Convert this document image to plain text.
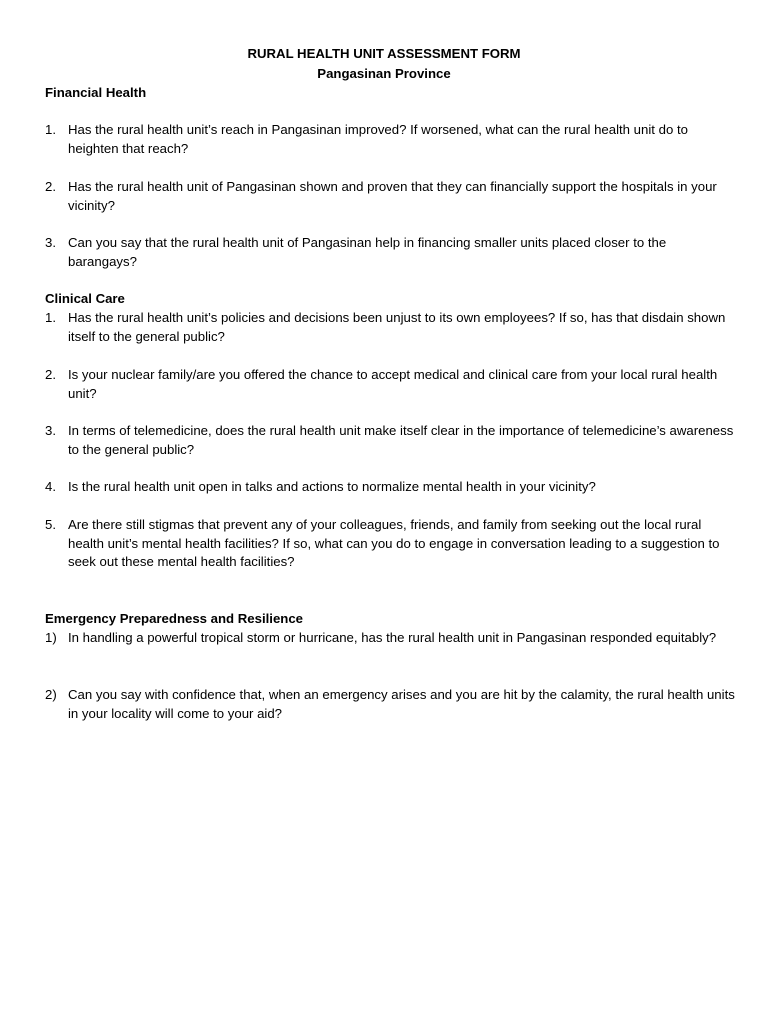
RURAL HEALTH UNIT ASSESSMENT FORM
Pangasinan Province
Financial Health
1. Has the rural health unit’s reach in Pangasinan improved? If worsened, what can the rural health unit do to heighten that reach?
2. Has the rural health unit of Pangasinan shown and proven that they can financially support the hospitals in your vicinity?
3. Can you say that the rural health unit of Pangasinan help in financing smaller units placed closer to the barangays?
Clinical Care
1. Has the rural health unit’s policies and decisions been unjust to its own employees? If so, has that disdain shown itself to the general public?
2. Is your nuclear family/are you offered the chance to accept medical and clinical care from your local rural health unit?
3. In terms of telemedicine, does the rural health unit make itself clear in the importance of telemedicine’s awareness to the general public?
4. Is the rural health unit open in talks and actions to normalize mental health in your vicinity?
5. Are there still stigmas that prevent any of your colleagues, friends, and family from seeking out the local rural health unit’s mental health facilities? If so, what can you do to engage in conversation leading to a suggestion to seek out these mental health facilities?
Emergency Preparedness and Resilience
1) In handling a powerful tropical storm or hurricane, has the rural health unit in Pangasinan responded equitably?
2) Can you say with confidence that, when an emergency arises and you are hit by the calamity, the rural health units in your locality will come to your aid?
